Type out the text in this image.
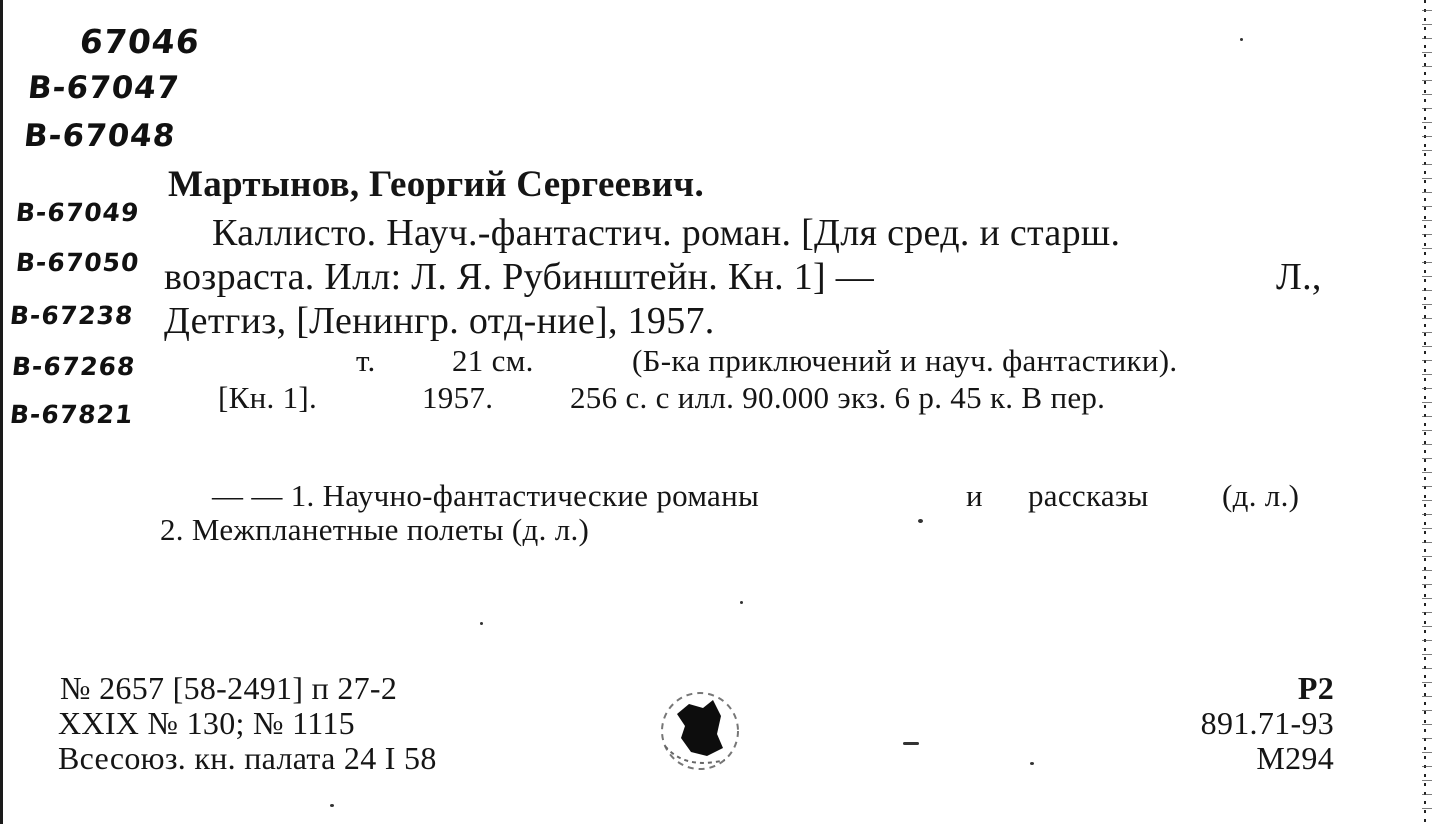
67046
B-67047
B-67048
B-67049
B-67050
B-67238
B-67268
B-67821
Мартынов, Георгий Сергеевич.
Каллисто. Науч.-фантастич. роман. [Для сред. и старш.
возраста. Илл: Л. Я. Рубинштейн. Кн. 1] —	Л.,
Детгиз, [Ленингр. отд-ние], 1957.
т. 21 см.	(Б-ка приключений и науч. фантастики).
[Кн. 1].	1957. 256 с. с илл. 90.000 экз. 6 р. 45 к. В пер.
— — 1. Научно-фантастические романы	и рассказы (д. л.)
2. Межпланетные полеты (д. л.)
№ 2657 [58-2491] п 27-2
XXIX № 130; № 1115
Всесоюз. кн. палата 24 I 58
Р2
891.71-93
М294
